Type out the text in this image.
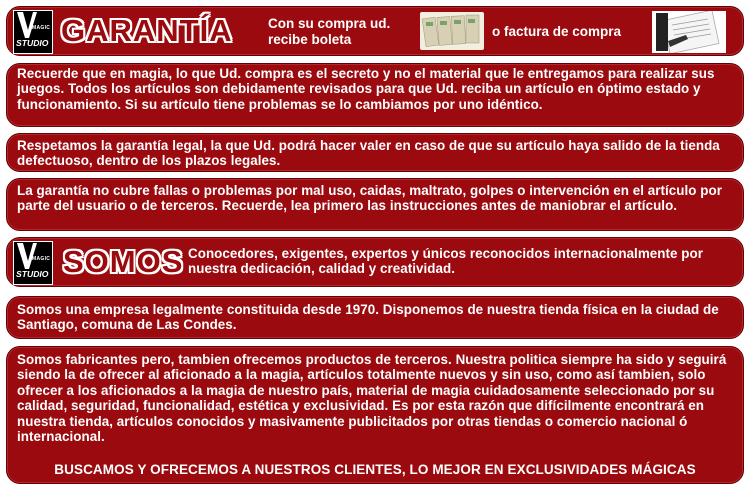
MAGIC
STUDIO GARANTÍA	Con su compra ud.
recibe boleta
o factura de compra
Recuerde que en magia, lo que Ud. compra es el secreto y no el material que le entregamos para realizar sus juegos. Todos los artículos son debidamente revisados para que Ud. reciba un artículo en óptimo estado y funcionamiento. Si su artículo tiene problemas se lo cambiamos por uno idéntico.
Respetamos la garantía legal, la que Ud. podrá hacer valer en caso de que su artículo haya salido de la tienda defectuoso, dentro de los plazos legales.
La garantía no cubre fallas o problemas por mal uso, caidas, maltrato, golpes o intervención en el artículo por parte del usuario o de terceros. Recuerde, lea primero las instrucciones antes de maniobrar el artículo.
MAGIC
STUDIO SOMOS Conocedores, exigentes, expertos y únicos reconocidos internacionalmente por nuestra dedicación, calidad y creatividad.
Somos una empresa legalmente constituida desde 1970. Disponemos de nuestra tienda física en la ciudad de Santiago, comuna de Las Condes.
Somos fabricantes pero, tambien ofrecemos productos de terceros. Nuestra politica siempre ha sido y seguirá siendo la de ofrecer al aficionado a la magia, artículos totalmente nuevos y sin uso, como así tambien, solo ofrecer a los aficionados a la magia de nuestro país, material de magia cuidadosamente seleccionado por su calidad, seguridad, funcionalidad, estética y exclusividad. Es por esta razón que difícilmente encontrará en nuestra tienda, artículos conocidos y masivamente publicitados por otras tiendas o comercio nacional ó internacional.
BUSCAMOS Y OFRECEMOS A NUESTROS CLIENTES, LO MEJOR EN EXCLUSIVIDADES MÁGICAS
